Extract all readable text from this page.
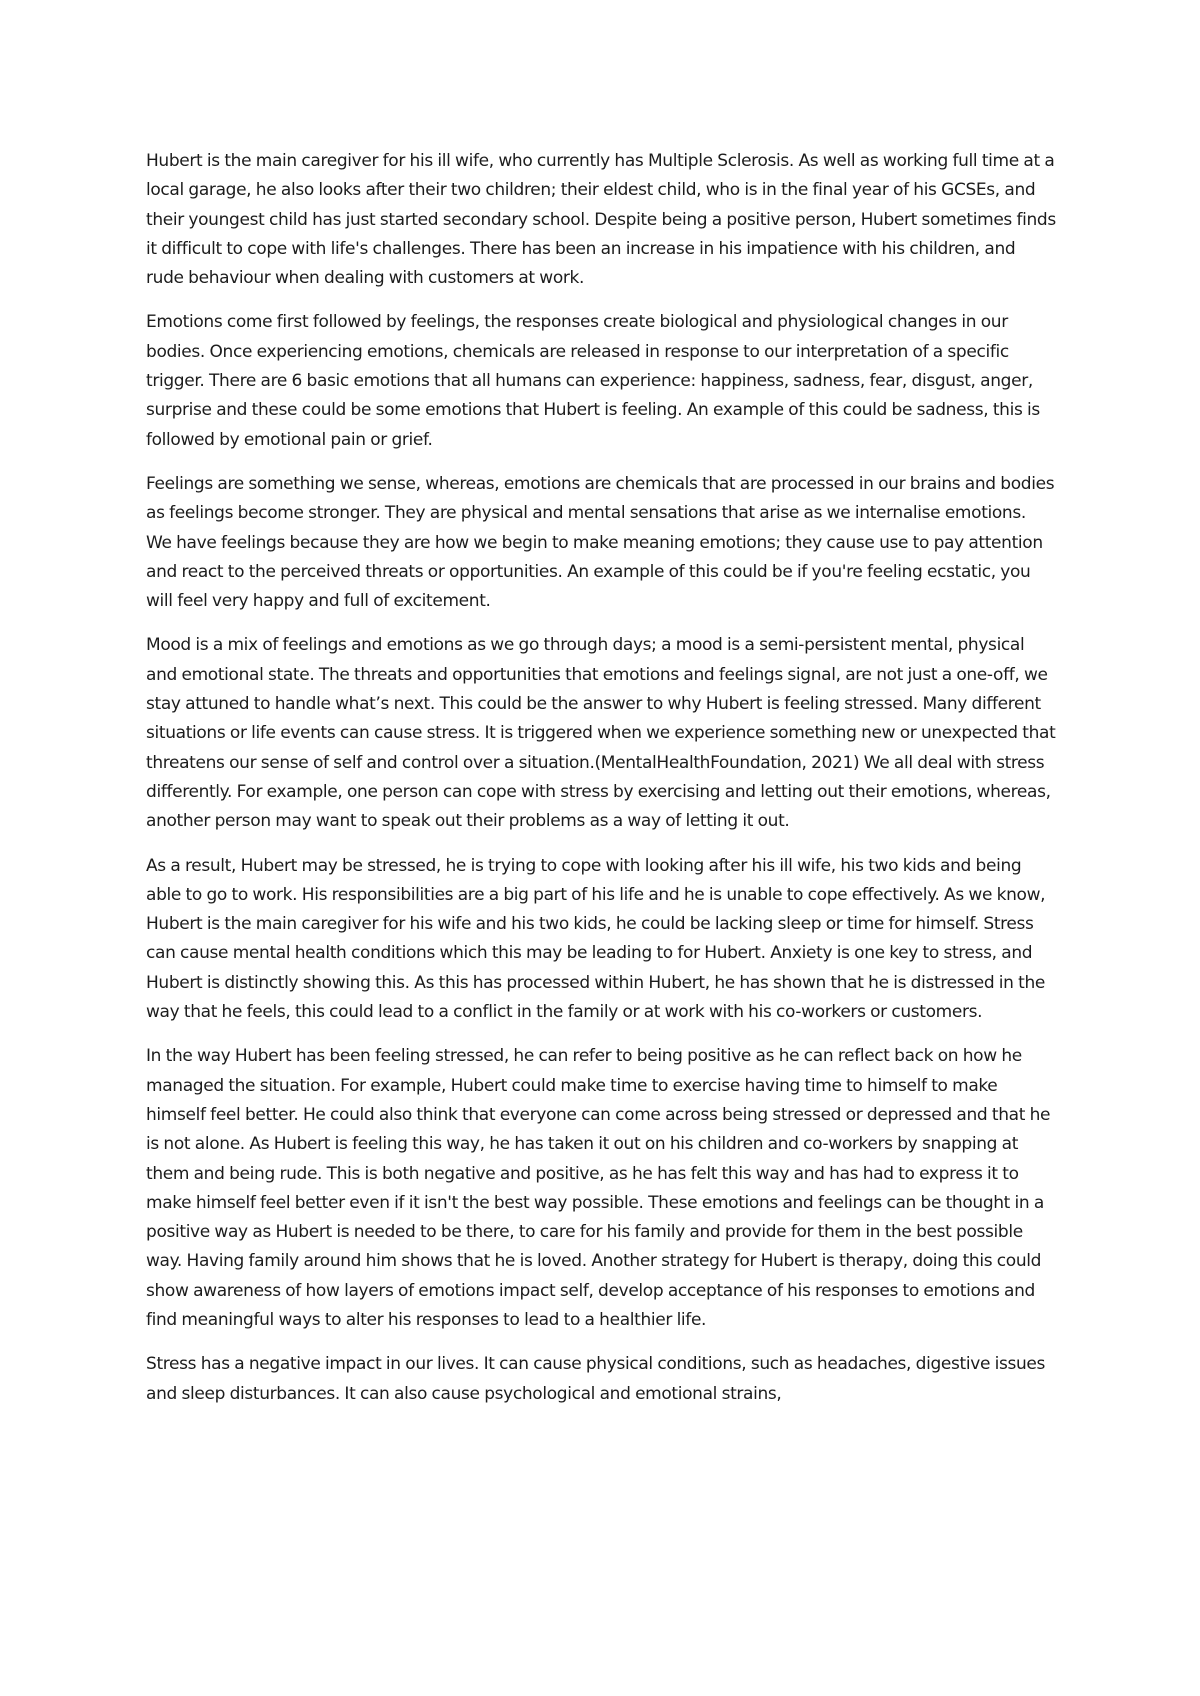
Hubert is the main caregiver for his ill wife, who currently has Multiple Sclerosis. As well as working full time at a local garage, he also looks after their two children; their eldest child, who is in the final year of his GCSEs, and their youngest child has just started secondary school. Despite being a positive person, Hubert sometimes finds it difficult to cope with life's challenges. There has been an increase in his impatience with his children, and rude behaviour when dealing with customers at work.

Emotions come first followed by feelings, the responses create biological and physiological changes in our bodies. Once experiencing emotions, chemicals are released in response to our interpretation of a specific trigger. There are 6 basic emotions that all humans can experience: happiness, sadness, fear, disgust, anger, surprise and these could be some emotions that Hubert is feeling. An example of this could be sadness, this is followed by emotional pain or grief.

Feelings are something we sense, whereas, emotions are chemicals that are processed in our brains and bodies as feelings become stronger. They are physical and mental sensations that arise as we internalise emotions. We have feelings because they are how we begin to make meaning emotions; they cause use to pay attention and react to the perceived threats or opportunities. An example of this could be if you're feeling ecstatic, you will feel very happy and full of excitement.

Mood is a mix of feelings and emotions as we go through days; a mood is a semi-persistent mental, physical and emotional state. The threats and opportunities that emotions and feelings signal, are not just a one-off, we stay attuned to handle what’s next. This could be the answer to why Hubert is feeling stressed. Many different situations or life events can cause stress. It is triggered when we experience something new or unexpected that threatens our sense of self and control over a situation.(MentalHealthFoundation, 2021) We all deal with stress differently. For example, one person can cope with stress by exercising and letting out their emotions, whereas, another person may want to speak out their problems as a way of letting it out.

As a result, Hubert may be stressed, he is trying to cope with looking after his ill wife, his two kids and being able to go to work. His responsibilities are a big part of his life and he is unable to cope effectively. As we know, Hubert is the main caregiver for his wife and his two kids, he could be lacking sleep or time for himself. Stress can cause mental health conditions which this may be leading to for Hubert. Anxiety is one key to stress, and Hubert is distinctly showing this. As this has processed within Hubert, he has shown that he is distressed in the way that he feels, this could lead to a conflict in the family or at work with his co-workers or customers.

In the way Hubert has been feeling stressed, he can refer to being positive as he can reflect back on how he managed the situation. For example, Hubert could make time to exercise having time to himself to make himself feel better. He could also think that everyone can come across being stressed or depressed and that he is not alone. As Hubert is feeling this way, he has taken it out on his children and co-workers by snapping at them and being rude. This is both negative and positive, as he has felt this way and has had to express it to make himself feel better even if it isn't the best way possible. These emotions and feelings can be thought in a positive way as Hubert is needed to be there, to care for his family and provide for them in the best possible way. Having family around him shows that he is loved. Another strategy for Hubert is therapy, doing this could show awareness of how layers of emotions impact self, develop acceptance of his responses to emotions and find meaningful ways to alter his responses to lead to a healthier life.

Stress has a negative impact in our lives. It can cause physical conditions, such as headaches, digestive issues and sleep disturbances. It can also cause psychological and emotional strains,
